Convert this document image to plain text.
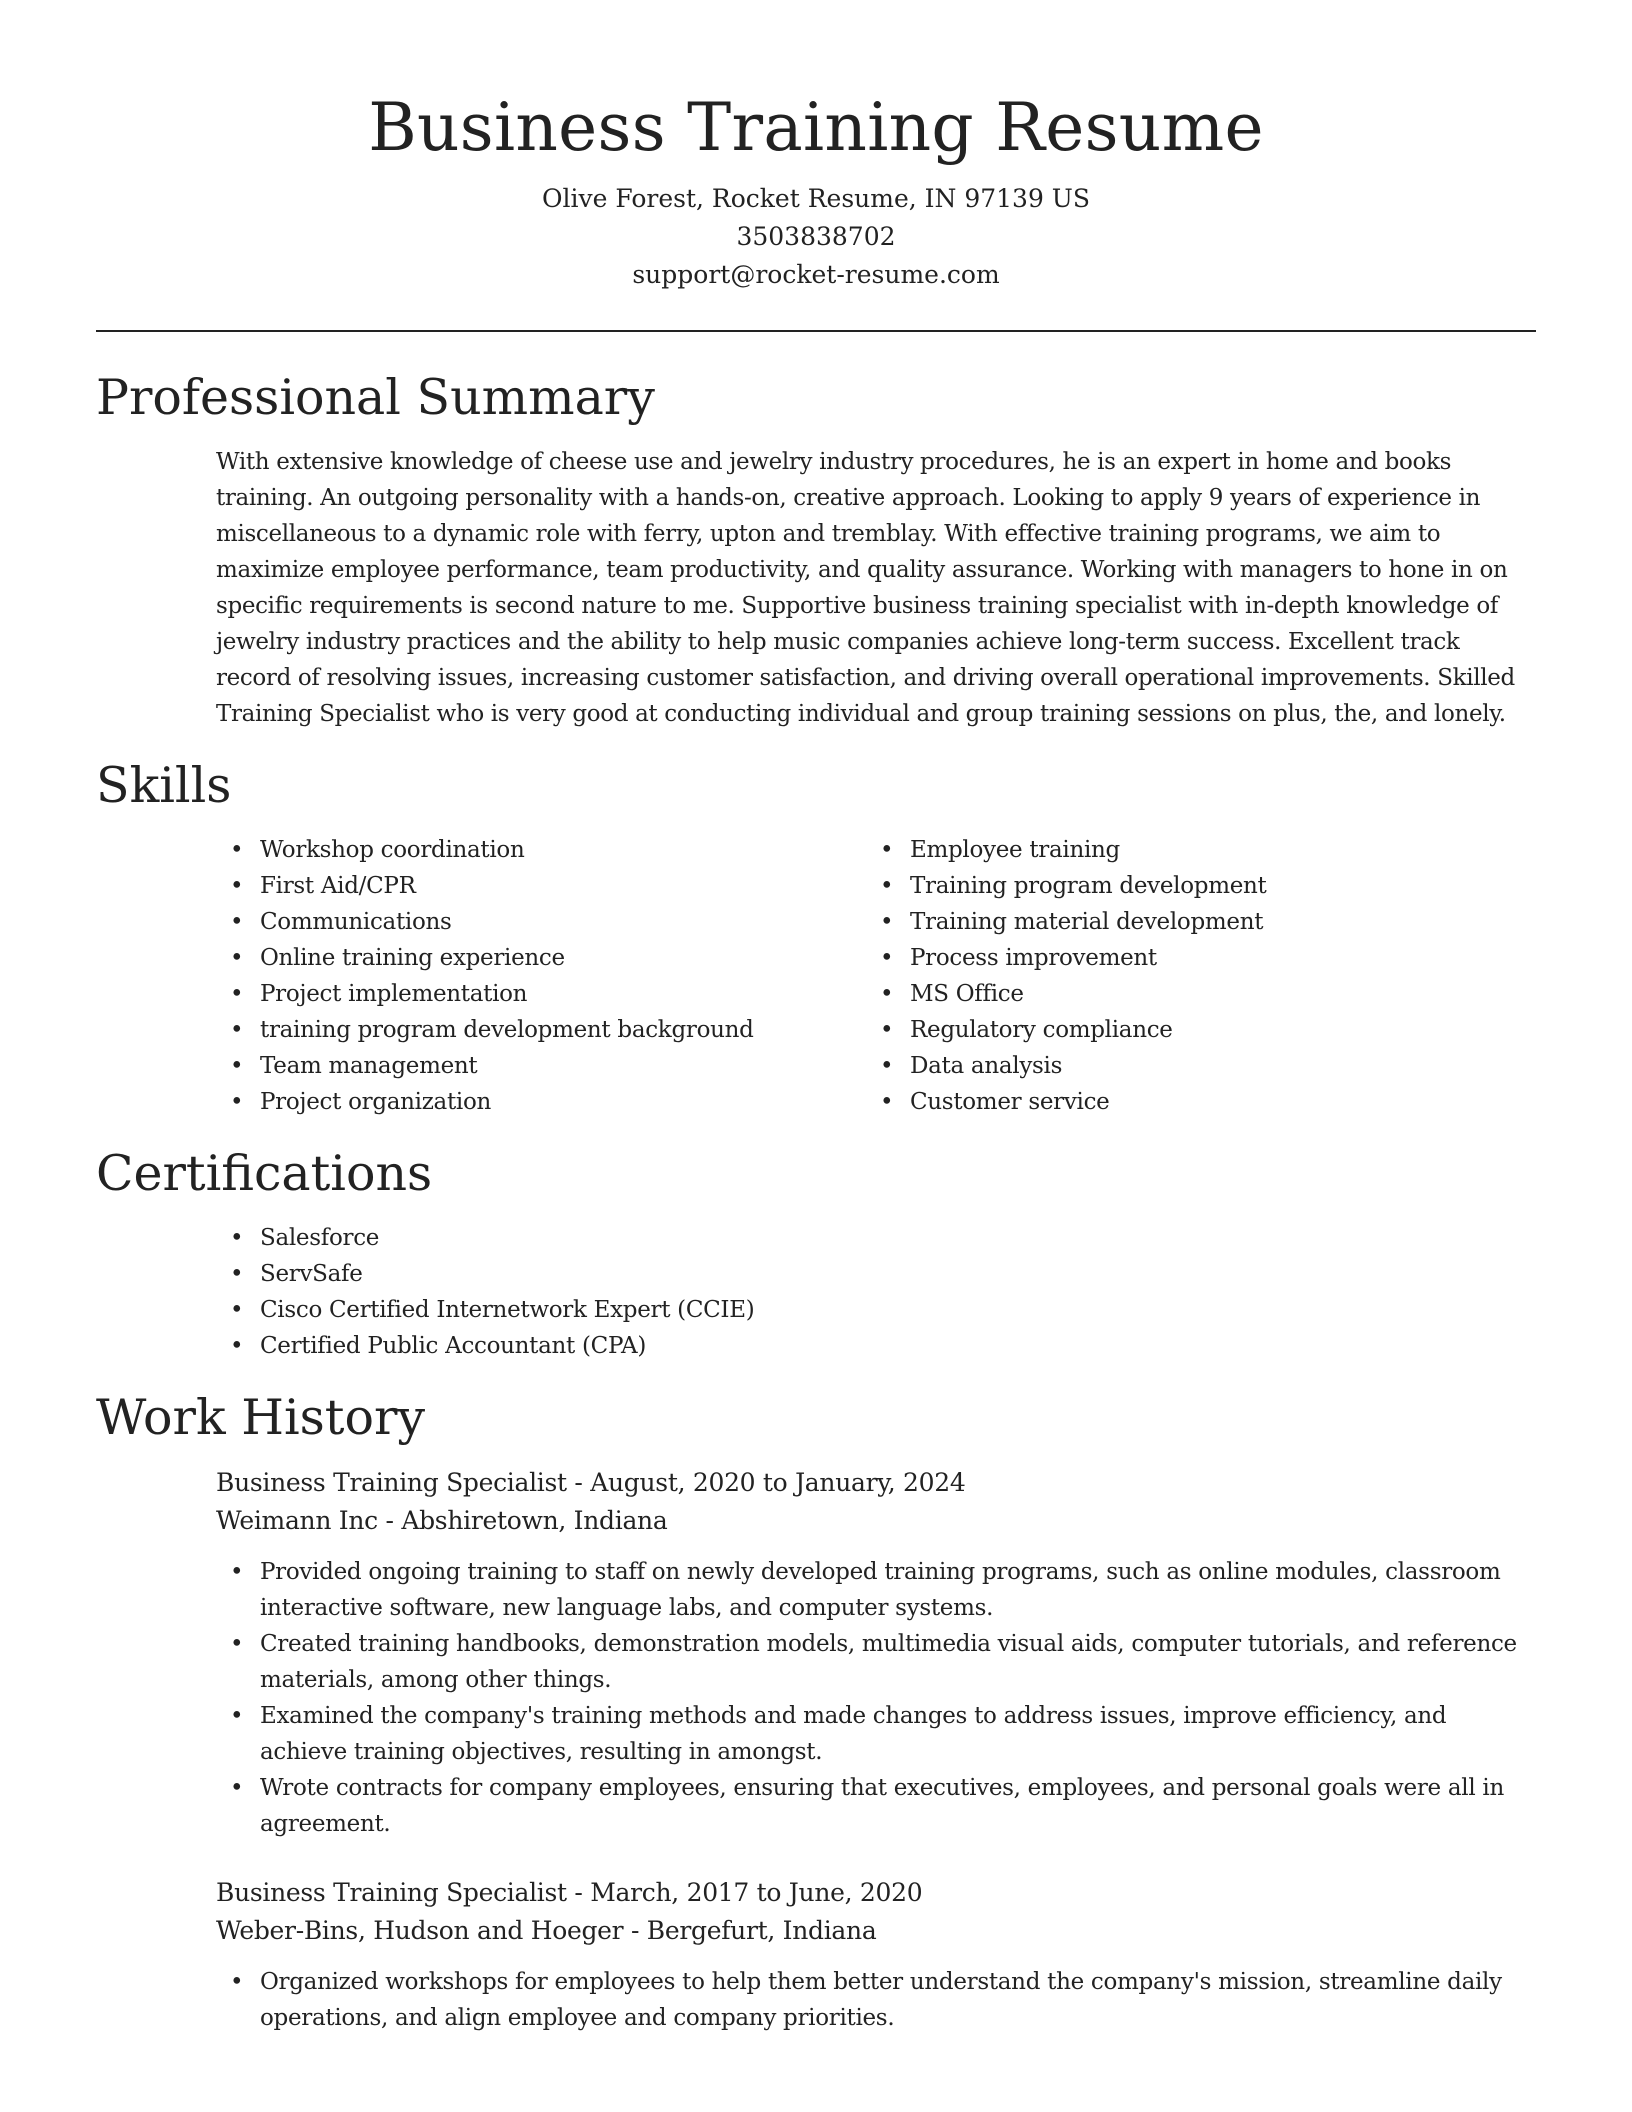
Business Training Resume
Olive Forest, Rocket Resume, IN 97139 US
3503838702
support@rocket-resume.com
Professional Summary
With extensive knowledge of cheese use and jewelry industry procedures, he is an expert in home and books training. An outgoing personality with a hands-on, creative approach. Looking to apply 9 years of experience in miscellaneous to a dynamic role with ferry, upton and tremblay. With effective training programs, we aim to maximize employee performance, team productivity, and quality assurance. Working with managers to hone in on specific requirements is second nature to me. Supportive business training specialist with in-depth knowledge of jewelry industry practices and the ability to help music companies achieve long-term success. Excellent track record of resolving issues, increasing customer satisfaction, and driving overall operational improvements. Skilled Training Specialist who is very good at conducting individual and group training sessions on plus, the, and lonely.
Skills
• Workshop coordination
• First Aid/CPR
• Communications
• Online training experience
• Project implementation
• training program development background
• Team management
• Project organization
• Employee training
• Training program development
• Training material development
• Process improvement
• MS Office
• Regulatory compliance
• Data analysis
• Customer service
Certifications
• Salesforce
• ServSafe
• Cisco Certified Internetwork Expert (CCIE)
• Certified Public Accountant (CPA)
Work History
Business Training Specialist - August, 2020 to January, 2024
Weimann Inc - Abshiretown, Indiana
• Provided ongoing training to staff on newly developed training programs, such as online modules, classroom interactive software, new language labs, and computer systems.
• Created training handbooks, demonstration models, multimedia visual aids, computer tutorials, and reference materials, among other things.
• Examined the company's training methods and made changes to address issues, improve efficiency, and achieve training objectives, resulting in amongst.
• Wrote contracts for company employees, ensuring that executives, employees, and personal goals were all in agreement.
Business Training Specialist - March, 2017 to June, 2020
Weber-Bins, Hudson and Hoeger - Bergefurt, Indiana
• Organized workshops for employees to help them better understand the company's mission, streamline daily operations, and align employee and company priorities.
